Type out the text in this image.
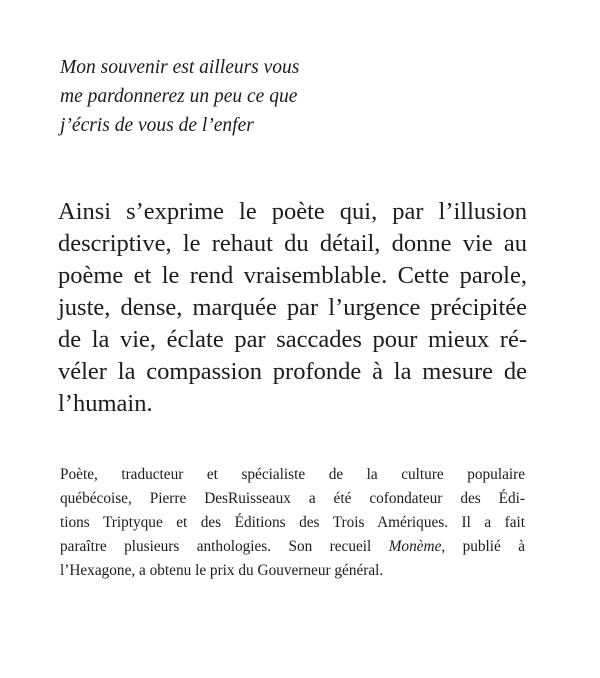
Mon souvenir est ailleurs vous
me pardonnerez un peu ce que
j’écris de vous de l’enfer
Ainsi s’exprime le poète qui, par l’illusion
descriptive, le rehaut du détail, donne vie au
poème et le rend vraisemblable. Cette parole,
juste, dense, marquée par l’urgence précipitée
de la vie, éclate par saccades pour mieux ré-
véler la compassion profonde à la mesure de
l’humain.
Poète, traducteur et spécialiste de la culture populaire
québécoise, Pierre DesRuisseaux a été cofondateur des Édi-
tions Triptyque et des Éditions des Trois Amériques. Il a fait
paraître plusieurs anthologies. Son recueil Monème, publié à
l’Hexagone, a obtenu le prix du Gouverneur général.
